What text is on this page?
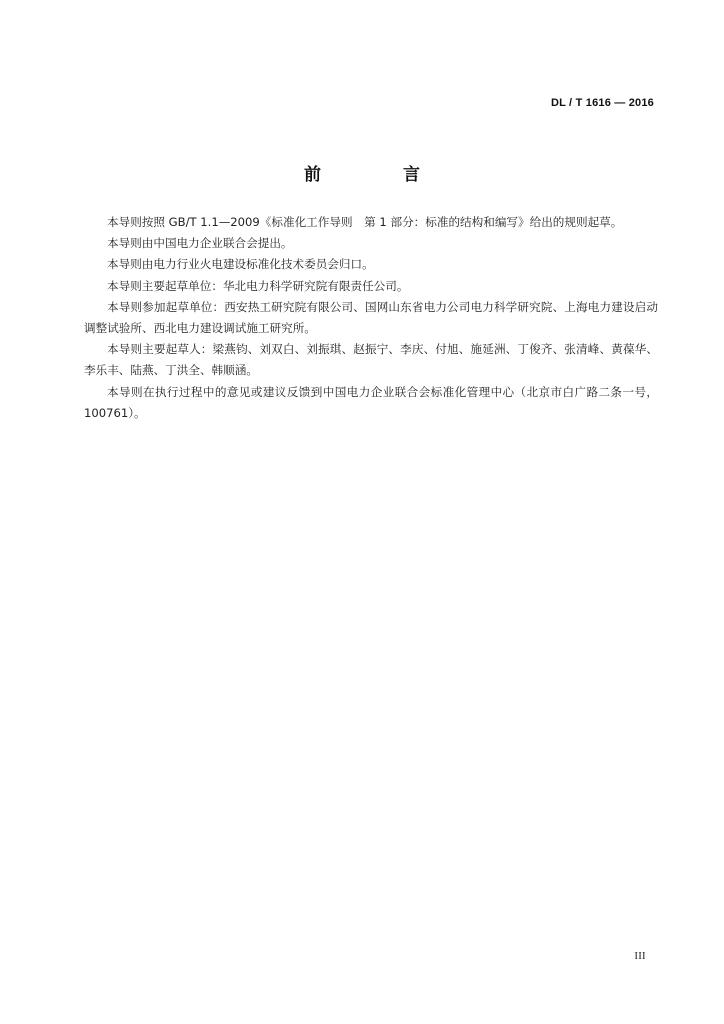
DL / T 1616 — 2016
前 言

本导则按照 GB/T 1.1—2009《标准化工作导则　第 1 部分：标准的结构和编写》给出的规则起草。

本导则由中国电力企业联合会提出。

本导则由电力行业火电建设标准化技术委员会归口。

本导则主要起草单位：华北电力科学研究院有限责任公司。

本导则参加起草单位：西安热工研究院有限公司、国网山东省电力公司电力科学研究院、上海电力建设启动调整试验所、西北电力建设调试施工研究所。

本导则主要起草人：梁燕钧、刘双白、刘振琪、赵振宁、李庆、付旭、施延洲、丁俊齐、张清峰、黄葆华、李乐丰、陆燕、丁洪全、韩顺涵。

本导则在执行过程中的意见或建议反馈到中国电力企业联合会标准化管理中心（北京市白广路二条一号，100761）。

III
